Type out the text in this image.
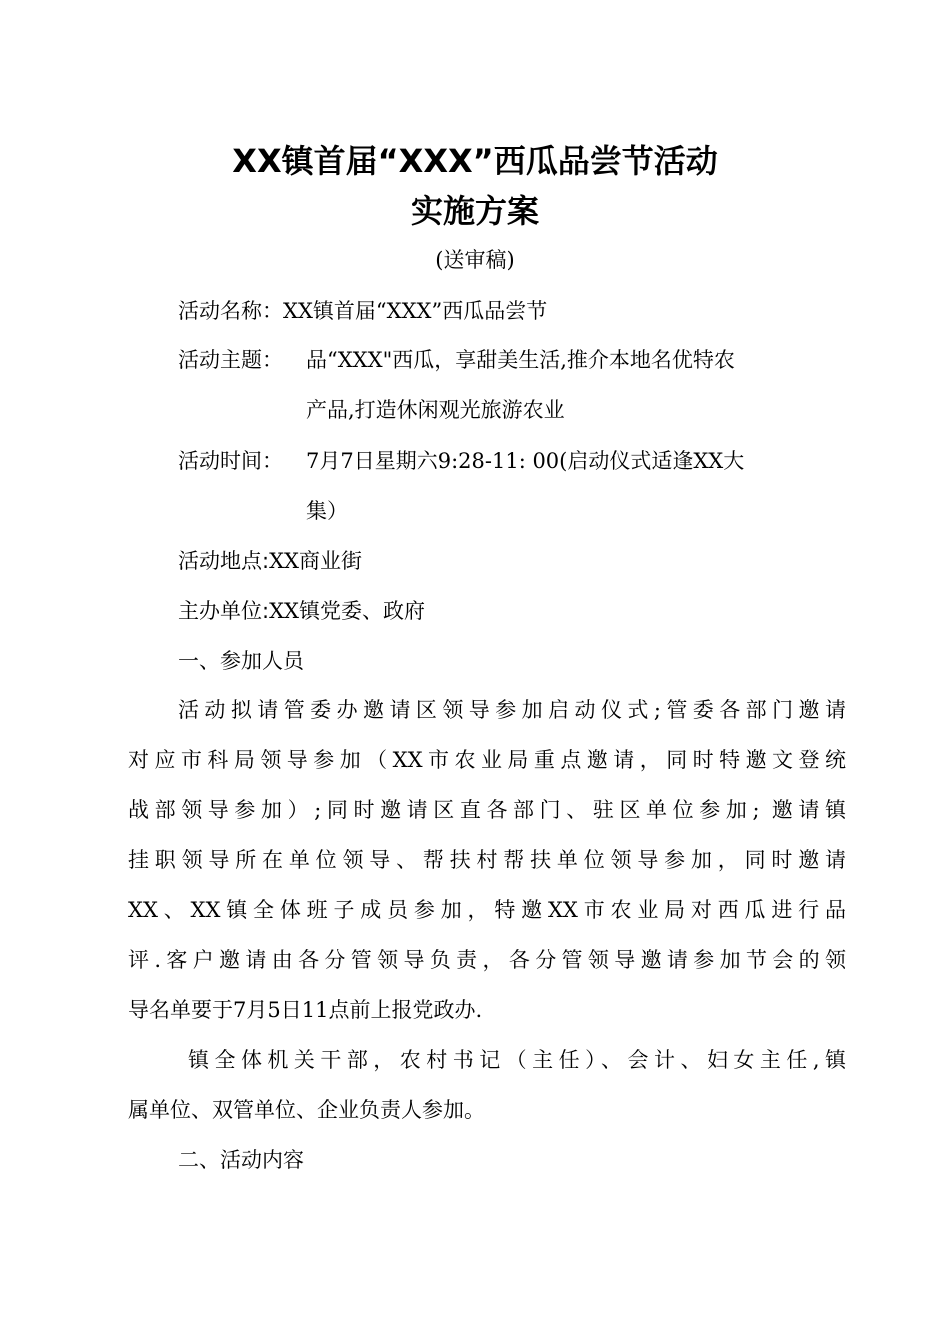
XX镇首届“XXX”西瓜品尝节活动
实施方案
(送审稿)
活动名称：XX镇首届“XXX”西瓜品尝节
活动主题：	品“XXX"西瓜，享甜美生活,推介本地名优特农
产品,打造休闲观光旅游农业
活动时间：	7月7日星期六9:28-11: 00(启动仪式适逢XX大
集）
活动地点:XX商业街
主办单位:XX镇党委、政府
一、参加人员
活动拟请管委办邀请区领导参加启动仪式;管委各部门邀请
对应市科局领导参加（XX市农业局重点邀请，同时特邀文登统
战部领导参加）;同时邀请区直各部门、驻区单位参加; 邀请镇
挂职领导所在单位领导、帮扶村帮扶单位领导参加，同时邀请
XX、XX镇全体班子成员参加，特邀XX市农业局对西瓜进行品
评.客户邀请由各分管领导负责，各分管领导邀请参加节会的领
导名单要于7月5日11点前上报党政办.
镇全体机关干部，农村书记（主任）、会计、妇女主任,镇
属单位、双管单位、企业负责人参加。
二、活动内容
